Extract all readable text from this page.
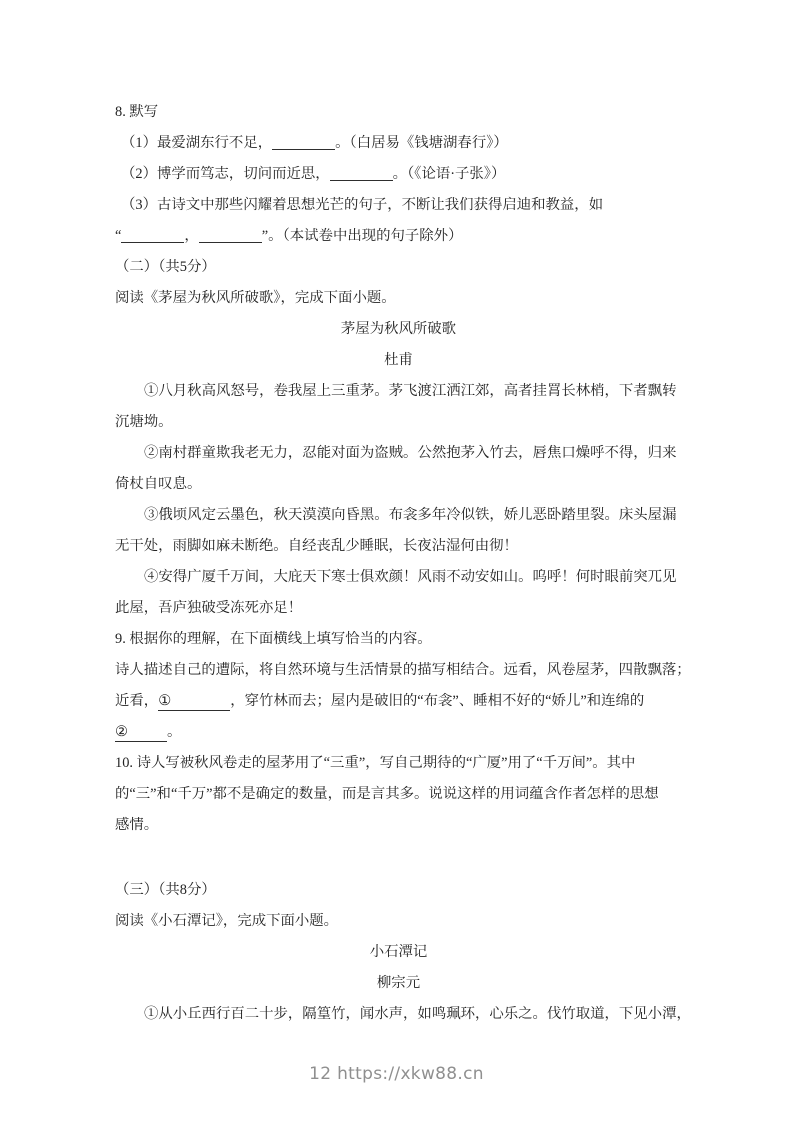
8. 默写
（1）最爱湖东行不足，	。（白居易《钱塘湖春行》）
（2）博学而笃志，切问而近思，	。（《论语·子张》）
（3）古诗文中那些闪耀着思想光芒的句子，不断让我们获得启迪和教益，如
“	，	”。（本试卷中出现的句子除外）
（二）（共5分）
阅读《茅屋为秋风所破歌》，完成下面小题。
茅屋为秋风所破歌
杜甫
①八月秋高风怒号，卷我屋上三重茅。茅飞渡江洒江郊，高者挂罥长林梢，下者飘转
沉塘坳。
②南村群童欺我老无力，忍能对面为盗贼。公然抱茅入竹去，唇焦口燥呼不得，归来
倚杖自叹息。
③俄顷风定云墨色，秋天漠漠向昏黑。布衾多年冷似铁，娇儿恶卧踏里裂。床头屋漏
无干处，雨脚如麻未断绝。自经丧乱少睡眠，长夜沾湿何由彻！
④安得广厦千万间，大庇天下寒士俱欢颜！风雨不动安如山。呜呼！何时眼前突兀见
此屋，吾庐独破受冻死亦足！
9. 根据你的理解，在下面横线上填写恰当的内容。
诗人描述自己的遭际，将自然环境与生活情景的描写相结合。远看，风卷屋茅，四散飘落；
近看，①	，穿竹林而去；屋内是破旧的“布衾”、睡相不好的“娇儿”和连绵的
②	。
10. 诗人写被秋风卷走的屋茅用了“三重”，写自己期待的“广厦”用了“千万间”。其中
的“三”和“千万”都不是确定的数量，而是言其多。说说这样的用词蕴含作者怎样的思想
感情。
（三）（共8分）
阅读《小石潭记》，完成下面小题。
小石潭记
柳宗元
①从小丘西行百二十步，隔篁竹，闻水声，如鸣珮环，心乐之。伐竹取道，下见小潭，
12 https://xkw88.cn
